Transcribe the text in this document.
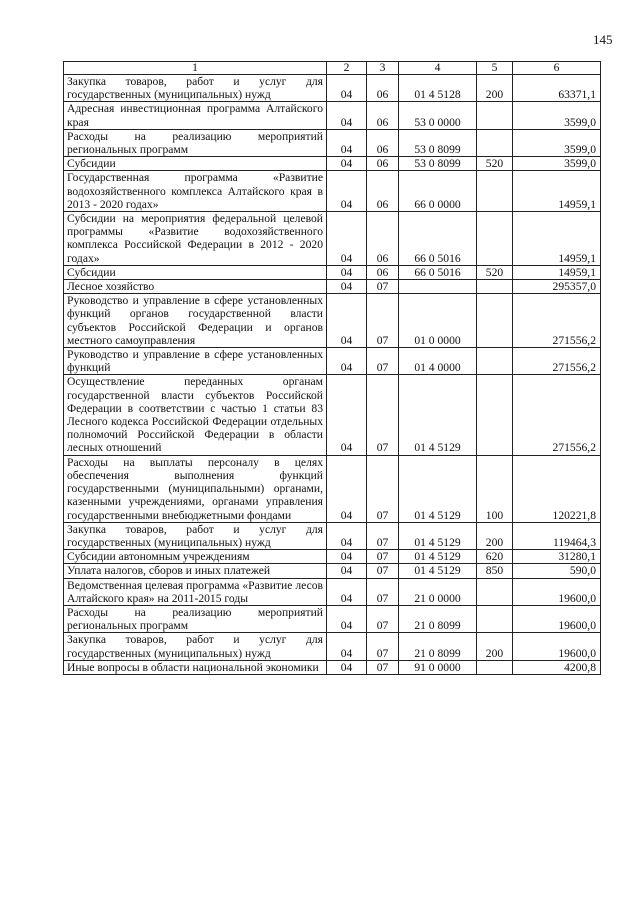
145
1	2	3	4	5	6
Закупка товаров, работ и услуг для государственных (муниципальных) нужд	04	06	01 4 5128	200	63371,1
Адресная инвестиционная программа Алтайского края	04	06	53 0 0000		3599,0
Расходы на реализацию мероприятий региональных программ	04	06	53 0 8099		3599,0
Субсидии	04	06	53 0 8099	520	3599,0
Государственная программа «Развитие водохозяйственного комплекса Алтайского края в 2013 - 2020 годах»	04	06	66 0 0000		14959,1
Субсидии на мероприятия федеральной целевой программы «Развитие водохозяйственного комплекса Российской Федерации в 2012 - 2020 годах»	04	06	66 0 5016		14959,1
Субсидии	04	06	66 0 5016	520	14959,1
Лесное хозяйство	04	07			295357,0
Руководство и управление в сфере установленных функций органов государственной власти субъектов Российской Федерации и органов местного самоуправления	04	07	01 0 0000		271556,2
Руководство и управление в сфере установленных функций	04	07	01 4 0000		271556,2
Осуществление переданных органам государственной власти субъектов Российской Федерации в соответствии с частью 1 статьи 83 Лесного кодекса Российской Федерации отдельных полномочий Российской Федерации в области лесных отношений	04	07	01 4 5129		271556,2
Расходы на выплаты персоналу в целях обеспечения выполнения функций государственными (муниципальными) органами, казенными учреждениями, органами управления государственными внебюджетными фондами	04	07	01 4 5129	100	120221,8
Закупка товаров, работ и услуг для государственных (муниципальных) нужд	04	07	01 4 5129	200	119464,3
Субсидии автономным учреждениям	04	07	01 4 5129	620	31280,1
Уплата налогов, сборов и иных платежей	04	07	01 4 5129	850	590,0
Ведомственная целевая программа «Развитие лесов Алтайского края» на 2011-2015 годы	04	07	21 0 0000		19600,0
Расходы на реализацию мероприятий региональных программ	04	07	21 0 8099		19600,0
Закупка товаров, работ и услуг для государственных (муниципальных) нужд	04	07	21 0 8099	200	19600,0
Иные вопросы в области национальной экономики	04	07	91 0 0000		4200,8
